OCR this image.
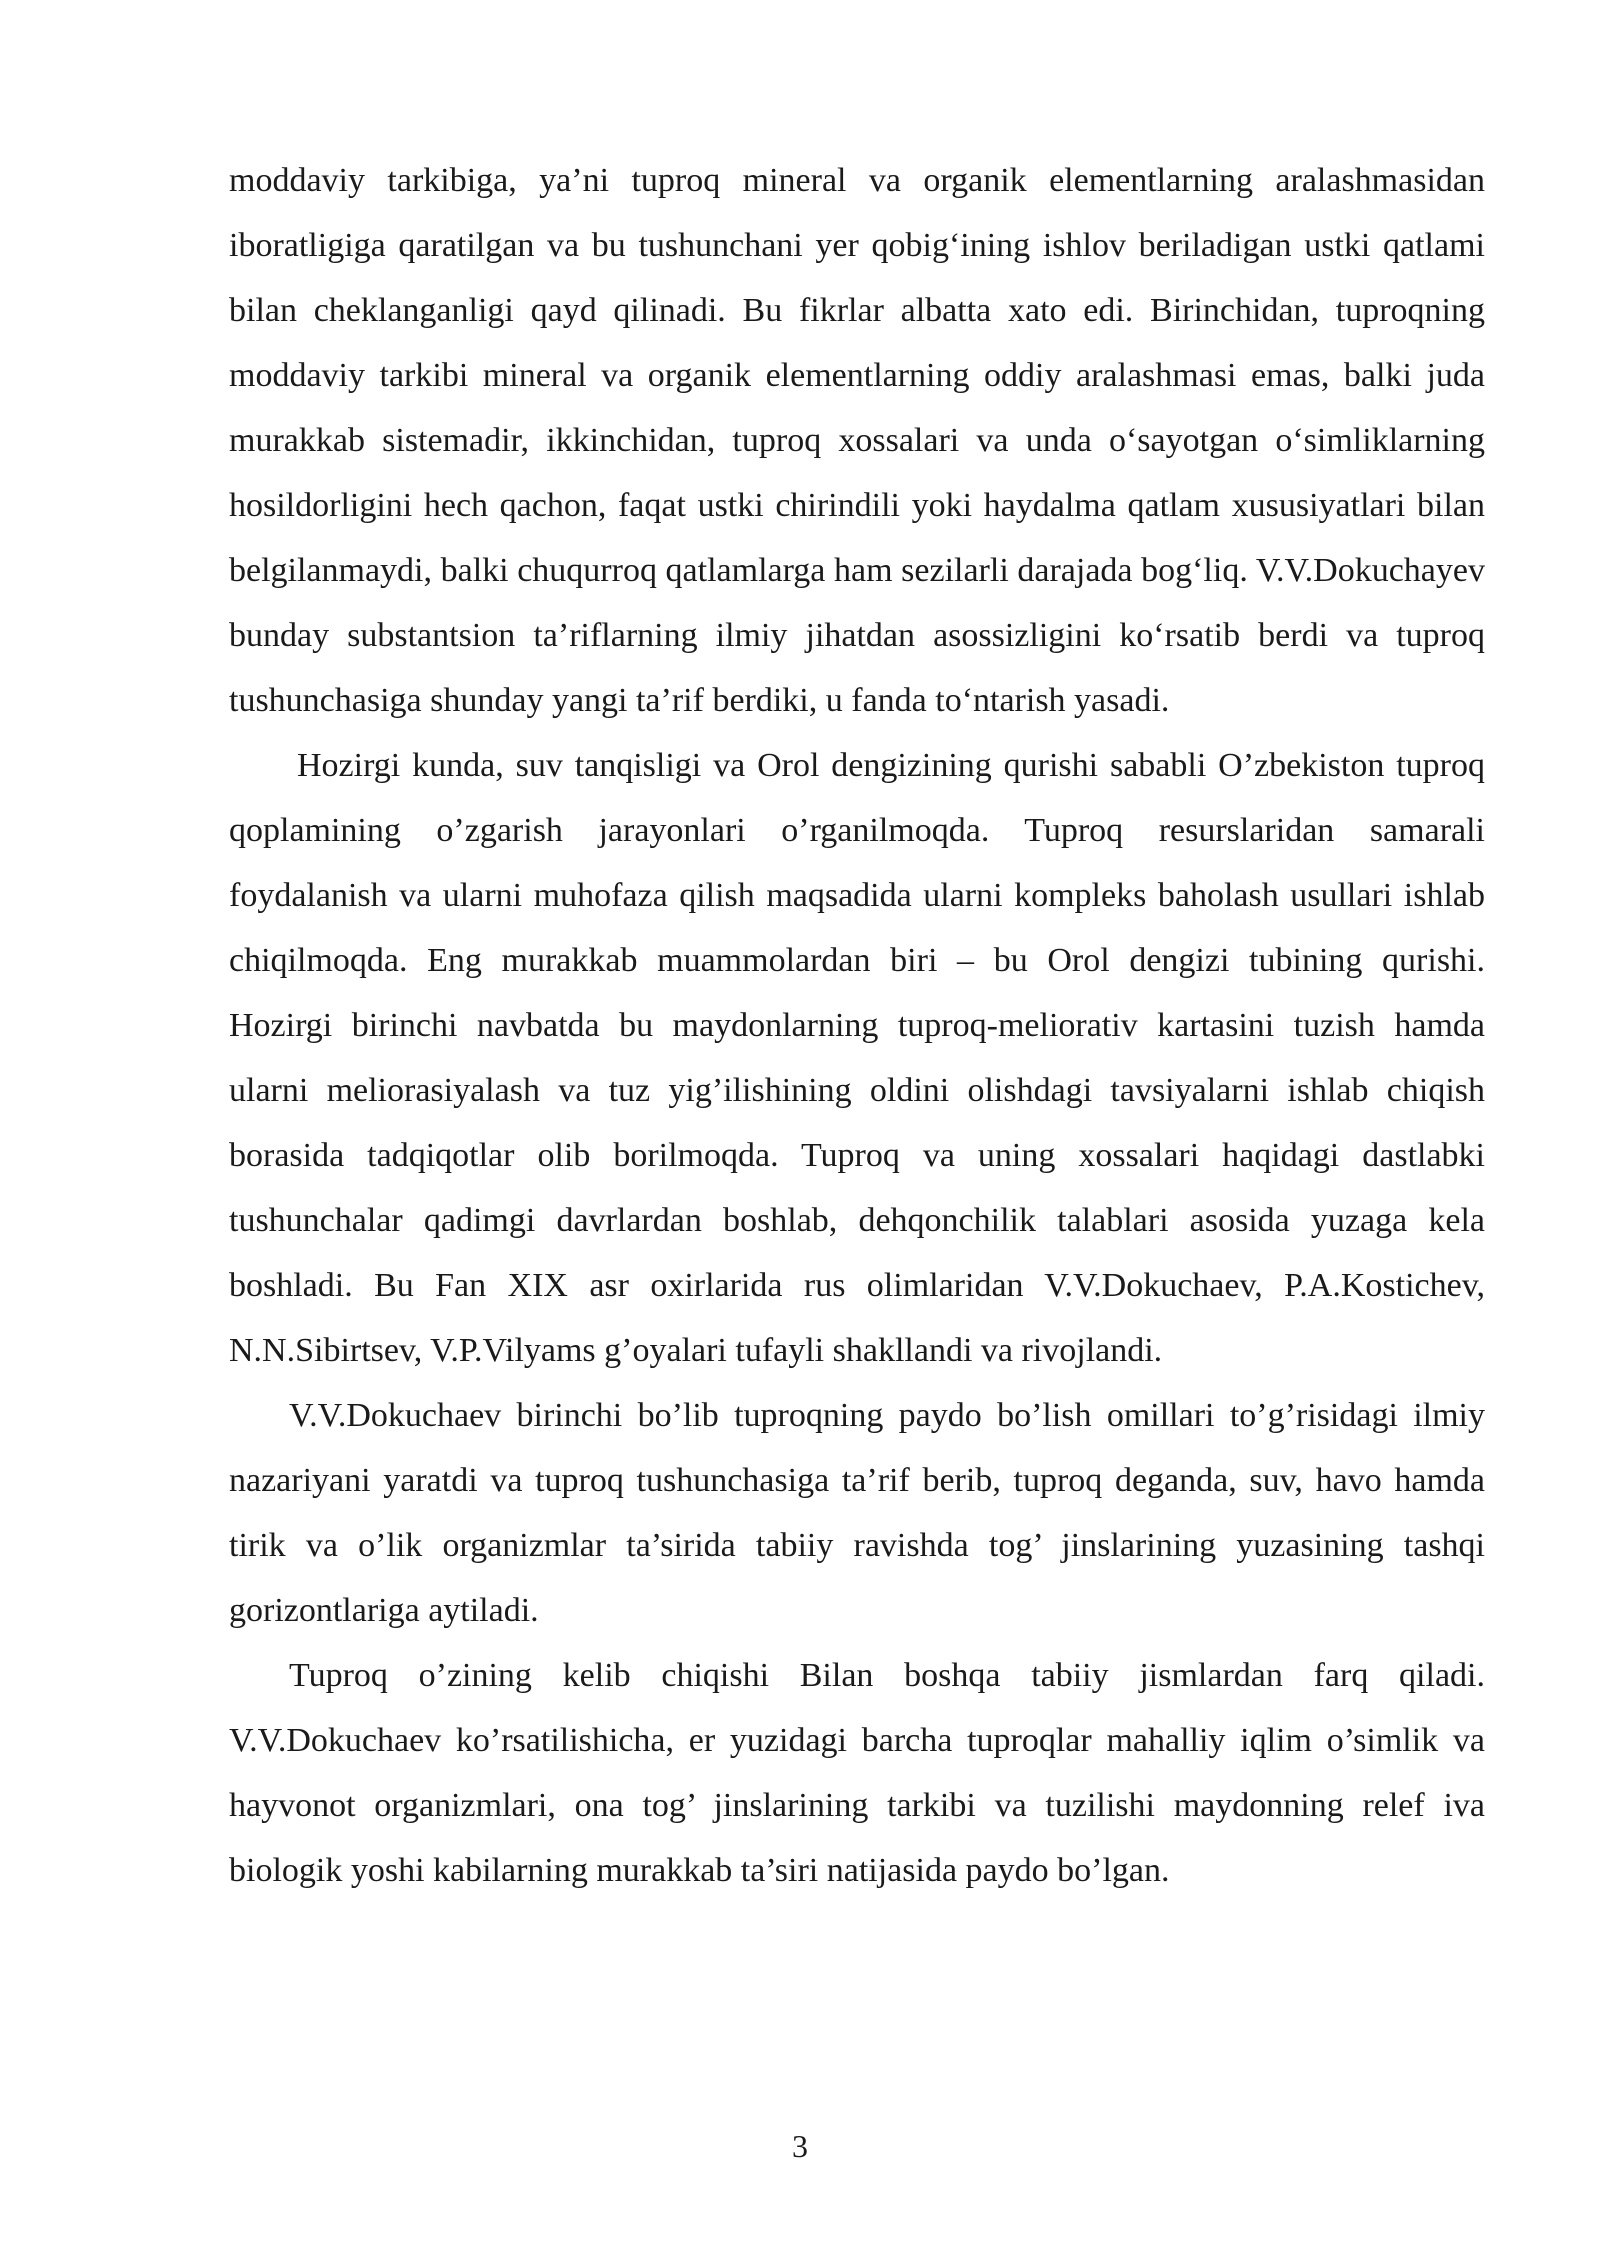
moddaviy tarkibiga, ya’ni tuproq mineral va organik elementlarning aralashmasidan iboratligiga qaratilgan va bu tushunchani yer qobig‘ining ishlov beriladigan ustki qatlami bilan cheklanganligi qayd qilinadi. Bu fikrlar albatta xato edi. Birinchidan, tuproqning moddaviy tarkibi mineral va organik elementlarning oddiy aralashmasi emas, balki juda murakkab sistemadir, ikkinchidan, tuproq xossalari va unda o‘sayotgan o‘simliklarning hosildorligini hech qachon, faqat ustki chirindili yoki haydalma qatlam xususiyatlari bilan belgilanmaydi, balki chuqurroq qatlamlarga ham sezilarli darajada bog‘liq. V.V.Dokuchayev bunday substantsion ta’riflarning ilmiy jihatdan asossizligini ko‘rsatib berdi va tuproq tushunchasiga shunday yangi ta’rif berdiki, u fanda to‘ntarish yasadi.

Hozirgi kunda, suv tanqisligi va Orol dengizining qurishi sababli O’zbekiston tuproq qoplamining o’zgarish jarayonlari o’rganilmoqda. Tuproq resurslaridan samarali foydalanish va ularni muhofaza qilish maqsadida ularni kompleks baholash usullari ishlab chiqilmoqda. Eng murakkab muammolardan biri – bu Orol dengizi tubining qurishi. Hozirgi birinchi navbatda bu maydonlarning tuproq-meliorativ kartasini tuzish hamda ularni meliorasiyalash va tuz yig’ilishining oldini olishdagi tavsiyalarni ishlab chiqish borasida tadqiqotlar olib borilmoqda. Tuproq va uning xossalari haqidagi dastlabki tushunchalar qadimgi davrlardan boshlab, dehqonchilik talablari asosida yuzaga kela boshladi. Bu Fan XIX asr oxirlarida rus olimlaridan V.V.Dokuchaev, P.A.Kostichev, N.N.Sibirtsev, V.P.Vilyams g’oyalari tufayli shakllandi va rivojlandi.

V.V.Dokuchaev birinchi bo’lib tuproqning paydo bo’lish omillari to’g’risidagi ilmiy nazariyani yaratdi va tuproq tushunchasiga ta’rif berib, tuproq deganda, suv, havo hamda tirik va o’lik organizmlar ta’sirida tabiiy ravishda tog’ jinslarining yuzasining tashqi gorizontlariga aytiladi.

Tuproq o’zining kelib chiqishi Bilan boshqa tabiiy jismlardan farq qiladi. V.V.Dokuchaev ko’rsatilishicha, er yuzidagi barcha tuproqlar mahalliy iqlim o’simlik va hayvonot organizmlari, ona tog’ jinslarining tarkibi va tuzilishi maydonning relef iva biologik yoshi kabilarning murakkab ta’siri natijasida paydo bo’lgan.

3
